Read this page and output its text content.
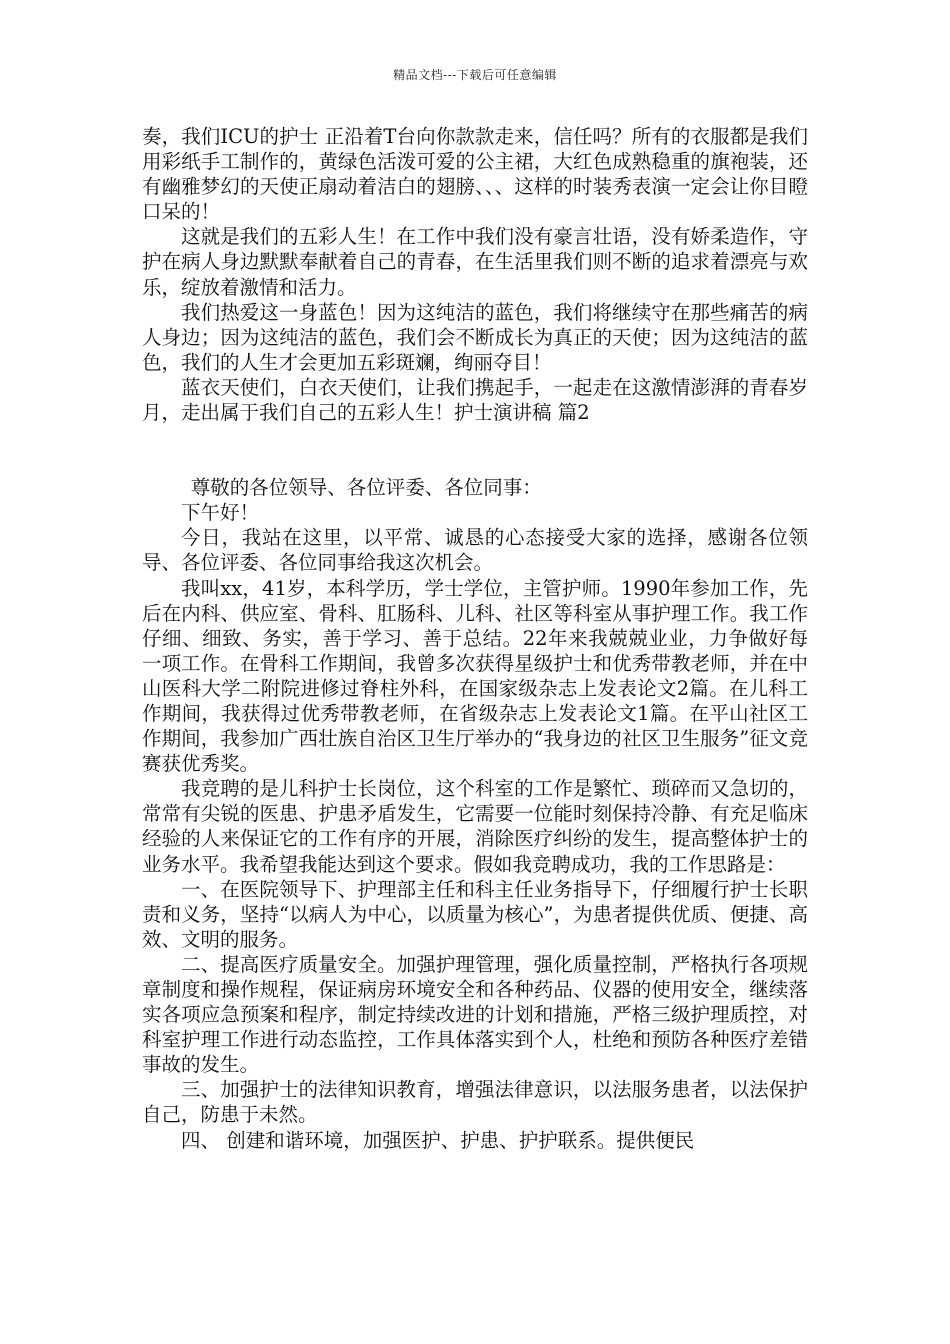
精品文档---下载后可任意编辑

奏，我们ICU的护士 正沿着T台向你款款走来，信任吗？所有的衣服都是我们用彩纸手工制作的，黄绿色活泼可爱的公主裙，大红色成熟稳重的旗袍装，还有幽雅梦幻的天使正扇动着洁白的翅膀、、、这样的时装秀表演一定会让你目瞪口呆的！

这就是我们的五彩人生！在工作中我们没有豪言壮语，没有娇柔造作，守护在病人身边默默奉献着自己的青春，在生活里我们则不断的追求着漂亮与欢乐，绽放着激情和活力。

我们热爱这一身蓝色！因为这纯洁的蓝色，我们将继续守在那些痛苦的病人身边；因为这纯洁的蓝色，我们会不断成长为真正的天使；因为这纯洁的蓝色，我们的人生才会更加五彩斑斓，绚丽夺目！

蓝衣天使们，白衣天使们，让我们携起手，一起走在这激情澎湃的青春岁月，走出属于我们自己的五彩人生！护士演讲稿 篇2

尊敬的各位领导、各位评委、各位同事：

下午好！

今日，我站在这里，以平常、诚恳的心态接受大家的选择，感谢各位领导、各位评委、各位同事给我这次机会。

我叫xx，41岁，本科学历，学士学位，主管护师。1990年参加工作，先后在内科、供应室、骨科、肛肠科、儿科、社区等科室从事护理工作。我工作仔细、细致、务实，善于学习、善于总结。22年来我兢兢业业，力争做好每一项工作。在骨科工作期间，我曾多次获得星级护士和优秀带教老师，并在中山医科大学二附院进修过脊柱外科，在国家级杂志上发表论文2篇。在儿科工作期间，我获得过优秀带教老师，在省级杂志上发表论文1篇。在平山社区工作期间，我参加广西壮族自治区卫生厅举办的“我身边的社区卫生服务”征文竞赛获优秀奖。

我竞聘的是儿科护士长岗位，这个科室的工作是繁忙、琐碎而又急切的，常常有尖锐的医患、护患矛盾发生，它需要一位能时刻保持冷静、有充足临床经验的人来保证它的工作有序的开展，消除医疗纠纷的发生，提高整体护士的业务水平。我希望我能达到这个要求。假如我竞聘成功，我的工作思路是：

一、在医院领导下、护理部主任和科主任业务指导下，仔细履行护士长职责和义务，坚持“以病人为中心，以质量为核心”，为患者提供优质、便捷、高效、文明的服务。

二、提高医疗质量安全。加强护理管理，强化质量控制，严格执行各项规章制度和操作规程，保证病房环境安全和各种药品、仪器的使用安全，继续落实各项应急预案和程序，制定持续改进的计划和措施，严格三级护理质控，对科室护理工作进行动态监控，工作具体落实到个人，杜绝和预防各种医疗差错事故的发生。

三、加强护士的法律知识教育，增强法律意识，以法服务患者，以法保护自己，防患于未然。

四、 创建和谐环境，加强医护、护患、护护联系。提供便民
